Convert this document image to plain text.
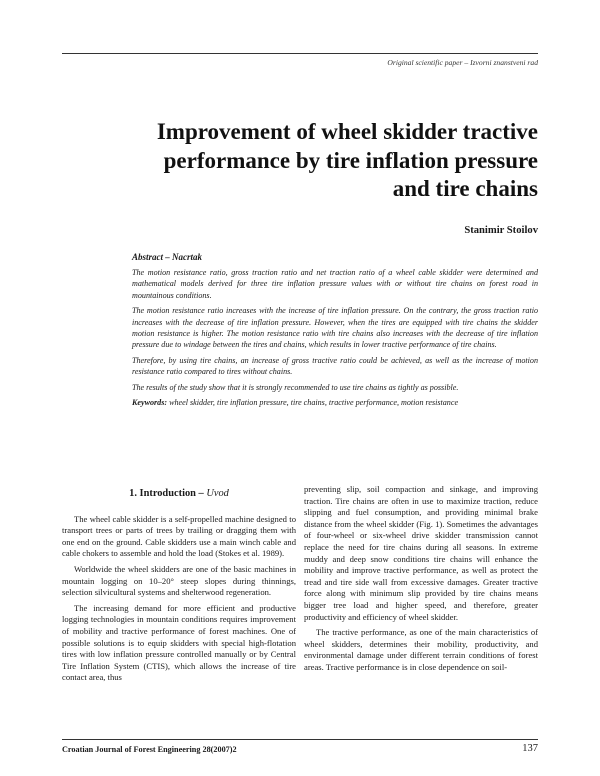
Original scientific paper – Izvorni znanstveni rad
Improvement of wheel skidder tractive
performance by tire inflation pressure
and tire chains
Stanimir Stoilov
Abstract – Nacrtak

The motion resistance ratio, gross traction ratio and net traction ratio of a wheel cable skidder were determined and mathematical models derived for three tire inflation pressure values with or without tire chains on forest road in mountainous conditions.

The motion resistance ratio increases with the increase of tire inflation pressure. On the contrary, the gross traction ratio increases with the decrease of tire inflation pressure. However, when the tires are equipped with tire chains the skidder motion resistance is higher. The motion resistance ratio with tire chains also increases with the decrease of tire inflation pressure due to windage between the tires and chains, which results in lower tractive performance of tire chains.

Therefore, by using tire chains, an increase of gross tractive ratio could be achieved, as well as the increase of motion resistance ratio compared to tires without chains.

The results of the study show that it is strongly recommended to use tire chains as tightly as possible.

Keywords: wheel skidder, tire inflation pressure, tire chains, tractive performance, motion resistance

1. Introduction – Uvod

The wheel cable skidder is a self-propelled machine designed to transport trees or parts of trees by trailing or dragging them with one end on the ground. Cable skidders use a main winch cable and cable chokers to assemble and hold the load (Stokes et al. 1989).

Worldwide the wheel skidders are one of the basic machines in mountain logging on 10–20° steep slopes during thinnings, selection silvicultural systems and shelterwood regeneration.

The increasing demand for more efficient and productive logging technologies in mountain conditions requires improvement of mobility and tractive performance of forest machines. One of possible solutions is to equip skidders with special high-flotation tires with low inflation pressure controlled manually or by Central Tire Inflation System (CTIS), which allows the increase of tire contact area, thus

preventing slip, soil compaction and sinkage, and improving traction. Tire chains are often in use to maximize traction, reduce slipping and fuel consumption, and providing minimal brake distance from the wheel skidder (Fig. 1). Sometimes the advantages of four-wheel or six-wheel drive skidder transmission cannot replace the need for tire chains during all seasons. In extreme muddy and deep snow conditions tire chains will enhance the mobility and improve tractive performance, as well as protect the tread and tire side wall from excessive damages. Greater tractive force along with minimum slip provided by tire chains means bigger tree load and higher speed, and therefore, greater productivity and efficiency of wheel skidder.

The tractive performance, as one of the main characteristics of wheel skidders, determines their mobility, productivity, and environmental damage under different terrain conditions of forest areas. Tractive performance is in close dependence on soil-

Croatian Journal of Forest Engineering 28(2007)2	137
